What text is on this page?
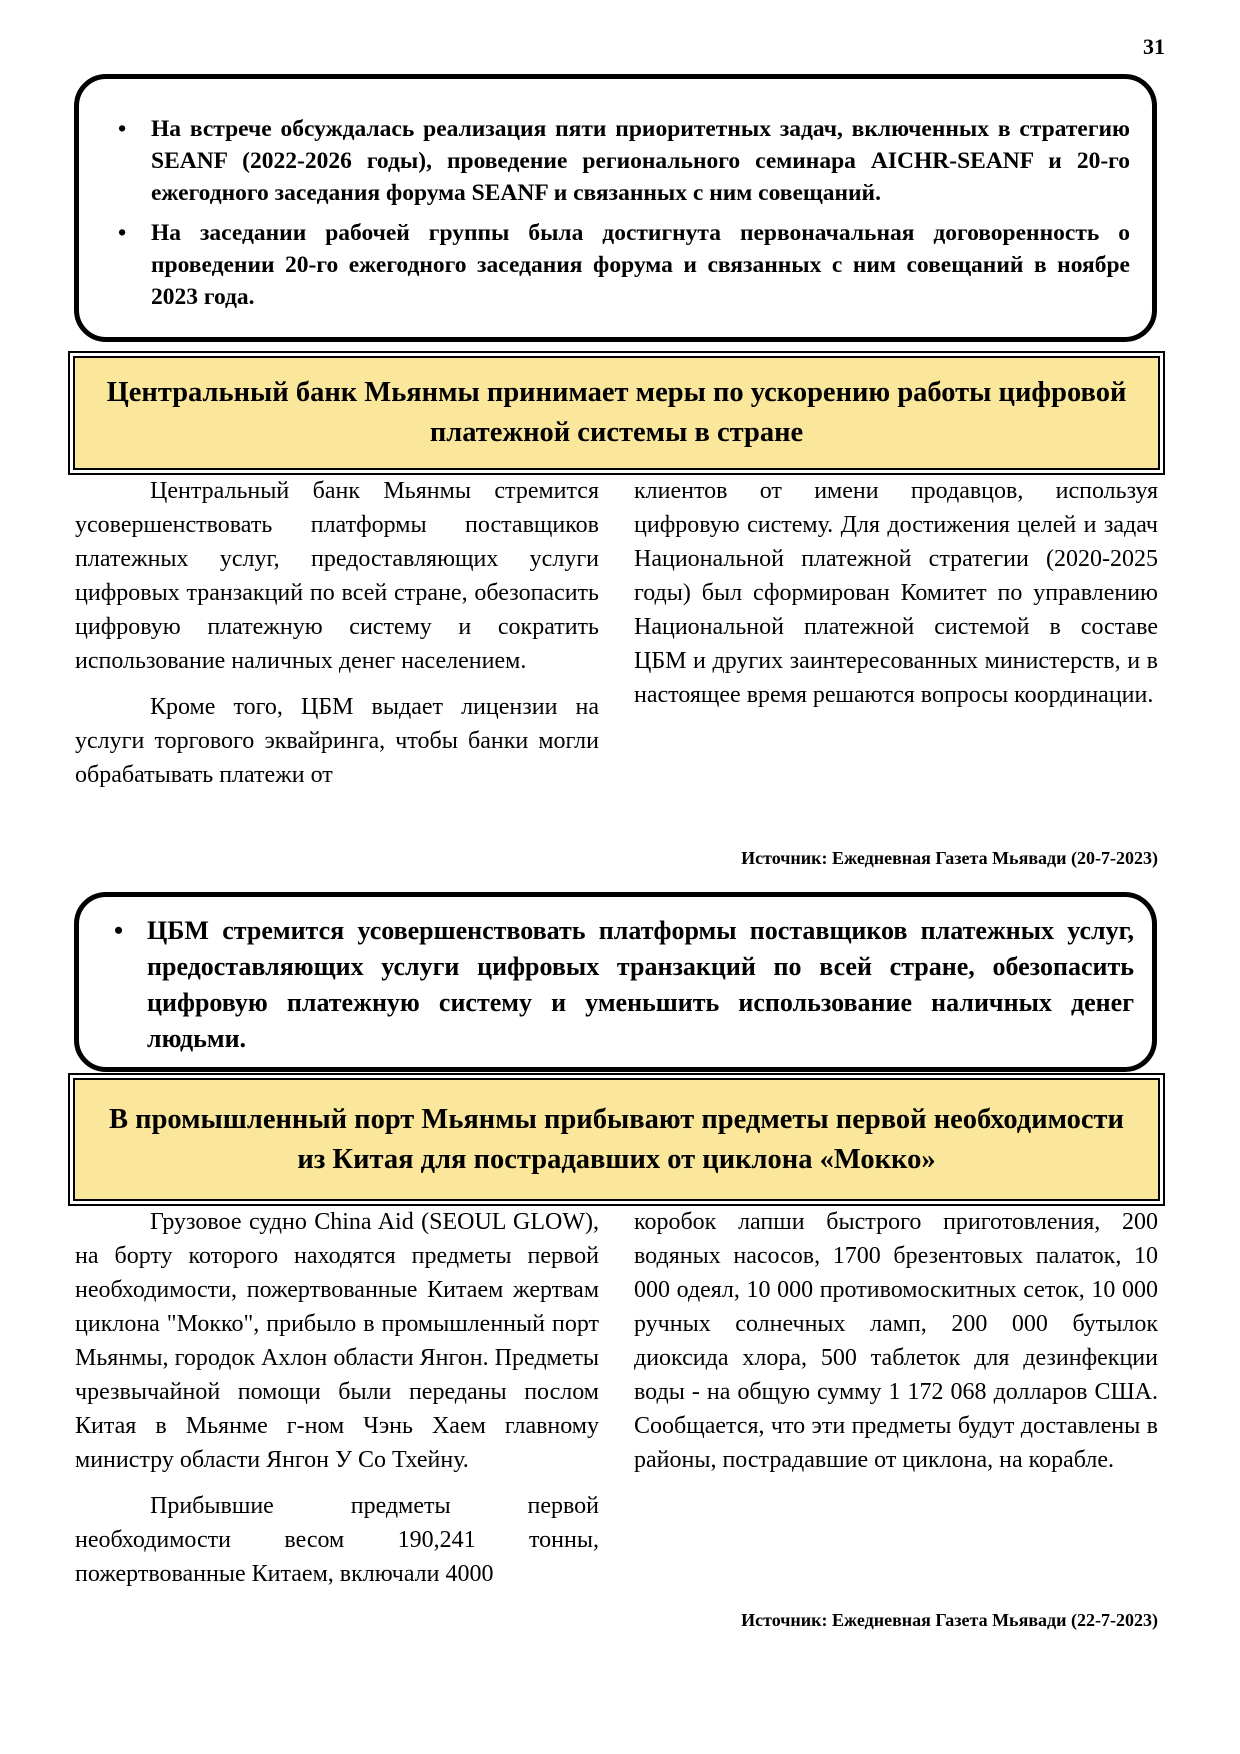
31
• На встрече обсуждалась реализация пяти приоритетных задач, включенных в стратегию SEANF (2022-2026 годы), проведение регионального семинара AICHR-SEANF и 20-го ежегодного заседания форума SEANF и связанных с ним совещаний.
• На заседании рабочей группы была достигнута первоначальная договоренность о проведении 20-го ежегодного заседания форума и связанных с ним совещаний в ноябре 2023 года.
Центральный банк Мьянмы принимает меры по ускорению работы цифровой платежной системы в стране

Центральный банк Мьянмы стремится усовершенствовать платформы поставщиков платежных услуг, предоставляющих услуги цифровых транзакций по всей стране, обезопасить цифровую платежную систему и сократить использование наличных денег населением.

Кроме того, ЦБМ выдает лицензии на услуги торгового эквайринга, чтобы банки могли обрабатывать платежи от

клиентов от имени продавцов, используя цифровую систему. Для достижения целей и задач Национальной платежной стратегии (2020-2025 годы) был сформирован Комитет по управлению Национальной платежной системой в составе ЦБМ и других заинтересованных министерств, и в настоящее время решаются вопросы координации.

Источник: Ежедневная Газета Мьявади (20-7-2023)
• ЦБМ стремится усовершенствовать платформы поставщиков платежных услуг, предоставляющих услуги цифровых транзакций по всей стране, обезопасить цифровую платежную систему и уменьшить использование наличных денег людьми.
В промышленный порт Мьянмы прибывают предметы первой необходимости из Китая для пострадавших от циклона «Мокко»

Грузовое судно China Aid (SEOUL GLOW), на борту которого находятся предметы первой необходимости, пожертвованные Китаем жертвам циклона "Мокко", прибыло в промышленный порт Мьянмы, городок Ахлон области Янгон. Предметы чрезвычайной помощи были переданы послом Китая в Мьянме г-ном Чэнь Хаем главному министру области Янгон У Со Тхейну.

Прибывшие предметы первой необходимости весом 190,241 тонны, пожертвованные Китаем, включали 4000

коробок лапши быстрого приготовления, 200 водяных насосов, 1700 брезентовых палаток, 10 000 одеял, 10 000 противомоскитных сеток, 10 000 ручных солнечных ламп, 200 000 бутылок диоксида хлора, 500 таблеток для дезинфекции воды - на общую сумму 1 172 068 долларов США. Сообщается, что эти предметы будут доставлены в районы, пострадавшие от циклона, на корабле.

Источник: Ежедневная Газета Мьявади (22-7-2023)
